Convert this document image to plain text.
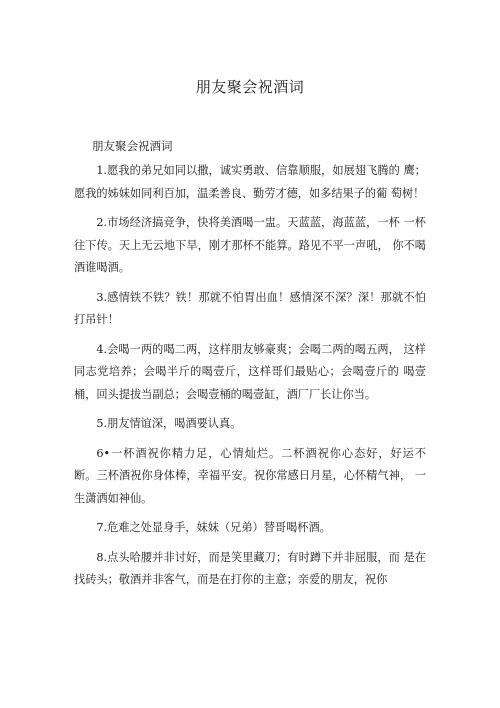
朋友聚会祝酒词
朋友聚会祝酒词

1.愿我的弟兄如同以撒，诚实勇敢、信靠顺服，如展翅飞腾的 鹰；愿我的姊妹如同利百加，温柔善良、勤劳才德，如多结果子的葡 萄树！

2.市场经济搞竞争，快将美酒喝一盅。天蓝蓝，海蓝蓝，一杯 一杯往下传。天上无云地下旱，刚才那杯不能算。路见不平一声吼， 你不喝酒谁喝酒。

3.感情铁不铁？铁！那就不怕胃出血！感情深不深？深！那就不怕打吊针！

4.会喝一两的喝二两，这样朋友够豪爽；会喝二两的喝五两， 这样同志党培养；会喝半斤的喝壹斤，这样哥们最贴心；会喝壹斤的 喝壹桶，回头提拔当副总；会喝壹桶的喝壹缸，酒厂厂长让你当。

5.朋友情谊深，喝酒要认真。

6•一杯酒祝你精力足，心情灿烂。二杯酒祝你心态好，好运不 断。三杯酒祝你身体棒，幸福平安。祝你常感日月星，心怀精气神， 一生潇洒如神仙。

7.危难之处显身手，妹妹（兄弟）替哥喝杯酒。

8.点头哈腰并非讨好，而是笑里藏刀；有时蹲下并非屈服，而 是在找砖头；敬酒并非客气，而是在打你的主意；亲爱的朋友，祝你
